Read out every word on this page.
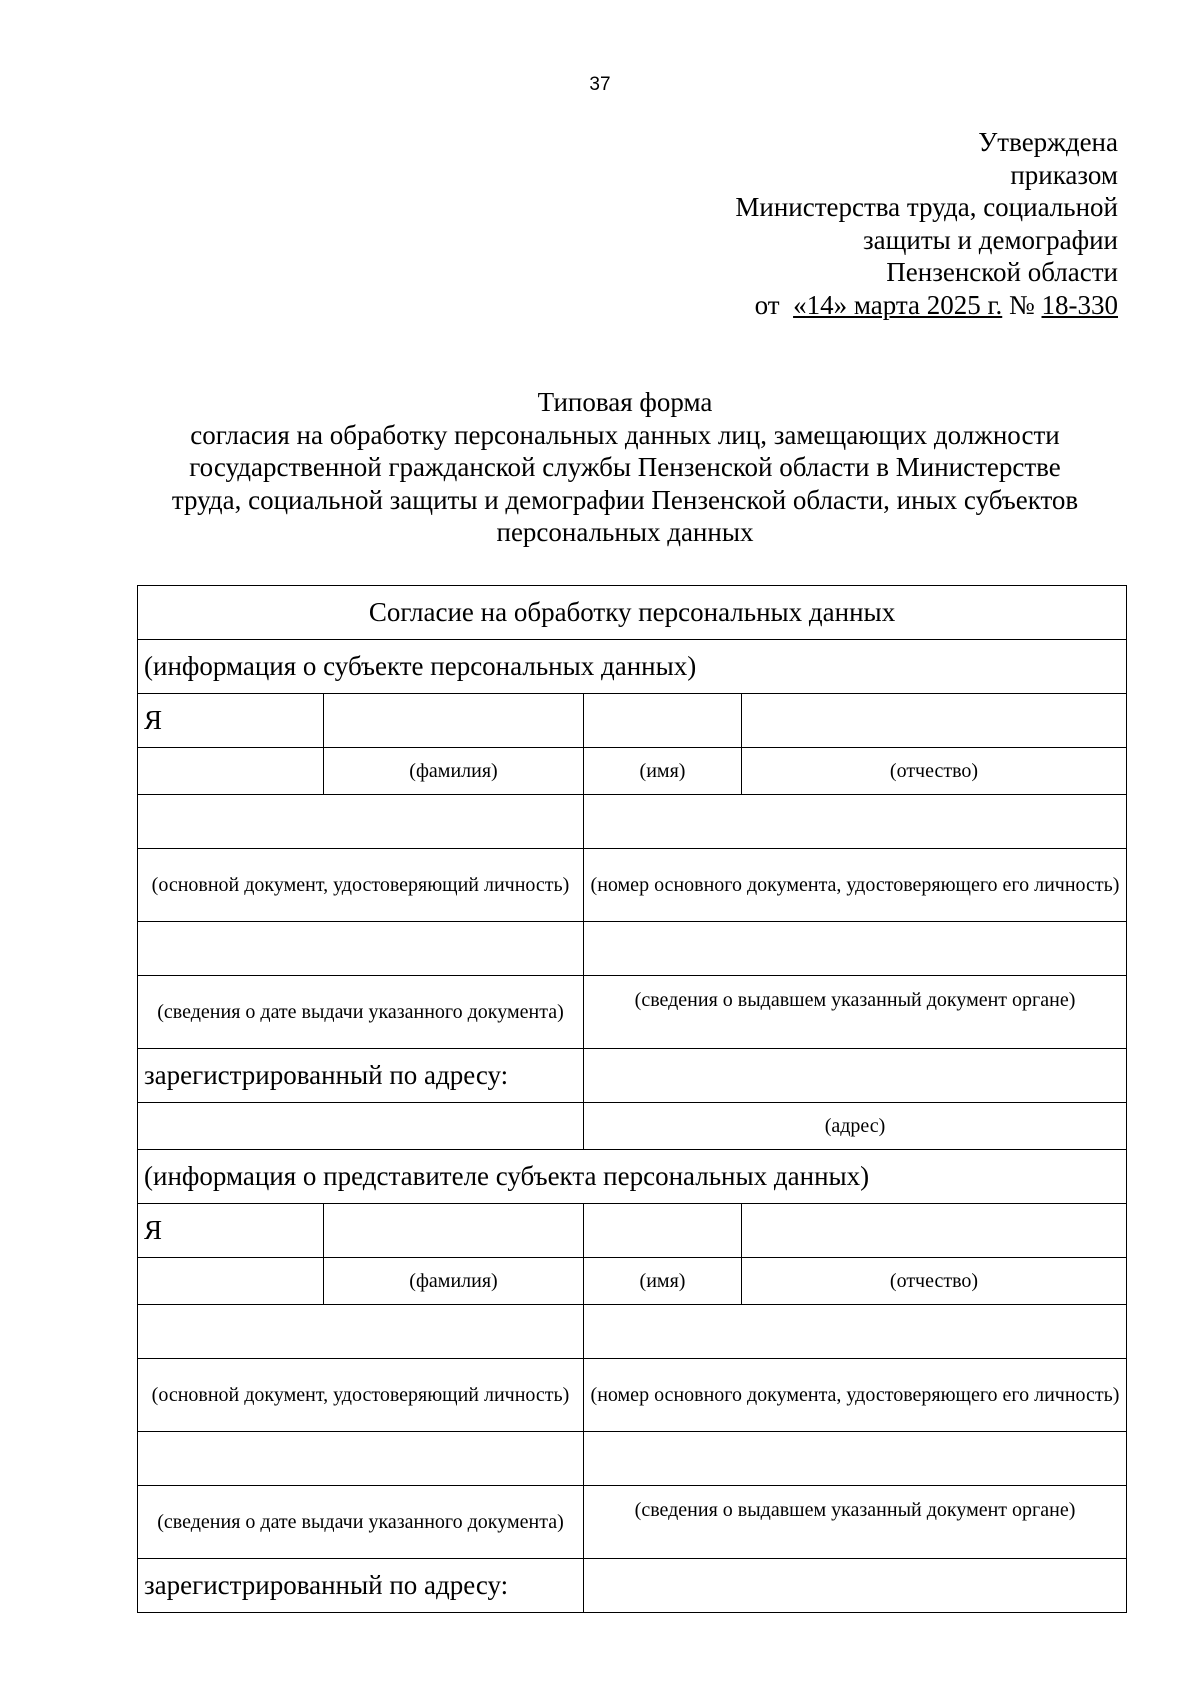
37
Утверждена
приказом
Министерства труда, социальной
защиты и демографии
Пензенской области
от «14» марта 2025 г. № 18-330
Типовая форма
согласия на обработку персональных данных лиц, замещающих должности
государственной гражданской службы Пензенской области в Министерстве
труда, социальной защиты и демографии Пензенской области, иных субъектов
персональных данных
Согласие на обработку персональных данных			
(информация о субъекте персональных данных)			
Я			
	(фамилия)	(имя)	(отчество)

(основной документ, удостоверяющий личность)		(номер основного документа, удостоверяющего его личность)	

(сведения о дате выдачи указанного документа)		(сведения о выдавшем указанный документ органе)	
зарегистрированный по адресу:			
		(адрес)	
(информация о представителе субъекта персональных данных)			
Я			
	(фамилия)	(имя)	(отчество)

(основной документ, удостоверяющий личность)		(номер основного документа, удостоверяющего его личность)	

(сведения о дате выдачи указанного документа)		(сведения о выдавшем указанный документ органе)	
зарегистрированный по адресу:			
